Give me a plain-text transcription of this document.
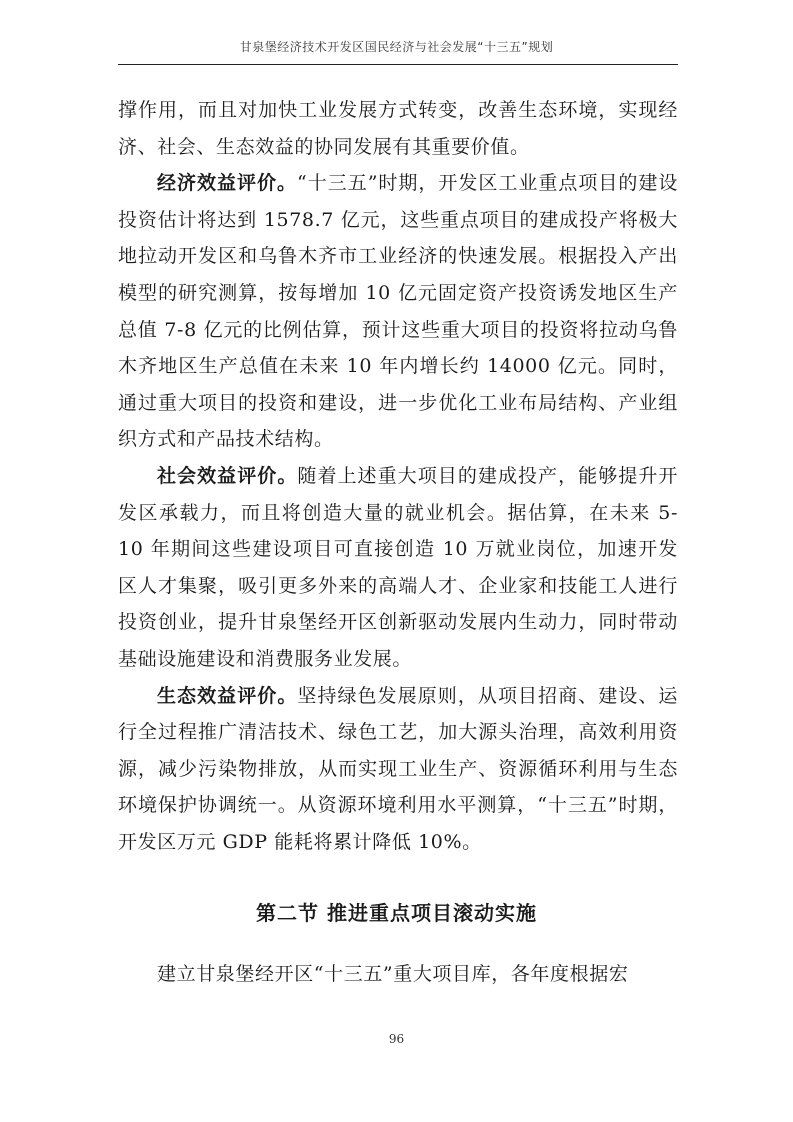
甘泉堡经济技术开发区国民经济与社会发展“十三五”规划

撑作用，而且对加快工业发展方式转变，改善生态环境，实现经济、社会、生态效益的协同发展有其重要价值。

经济效益评价。“十三五”时期，开发区工业重点项目的建设投资估计将达到 1578.7 亿元，这些重点项目的建成投产将极大地拉动开发区和乌鲁木齐市工业经济的快速发展。根据投入产出模型的研究测算，按每增加 10 亿元固定资产投资诱发地区生产总值 7-8 亿元的比例估算，预计这些重大项目的投资将拉动乌鲁木齐地区生产总值在未来 10 年内增长约 14000 亿元。同时，通过重大项目的投资和建设，进一步优化工业布局结构、产业组织方式和产品技术结构。

社会效益评价。随着上述重大项目的建成投产，能够提升开发区承载力，而且将创造大量的就业机会。据估算，在未来 5-10 年期间这些建设项目可直接创造 10 万就业岗位，加速开发区人才集聚，吸引更多外来的高端人才、企业家和技能工人进行投资创业，提升甘泉堡经开区创新驱动发展内生动力，同时带动基础设施建设和消费服务业发展。

生态效益评价。坚持绿色发展原则，从项目招商、建设、运行全过程推广清洁技术、绿色工艺，加大源头治理，高效利用资源，减少污染物排放，从而实现工业生产、资源循环利用与生态环境保护协调统一。从资源环境利用水平测算，“十三五”时期，开发区万元 GDP 能耗将累计降低 10%。

第二节 推进重点项目滚动实施

建立甘泉堡经开区“十三五”重大项目库，各年度根据宏

96
